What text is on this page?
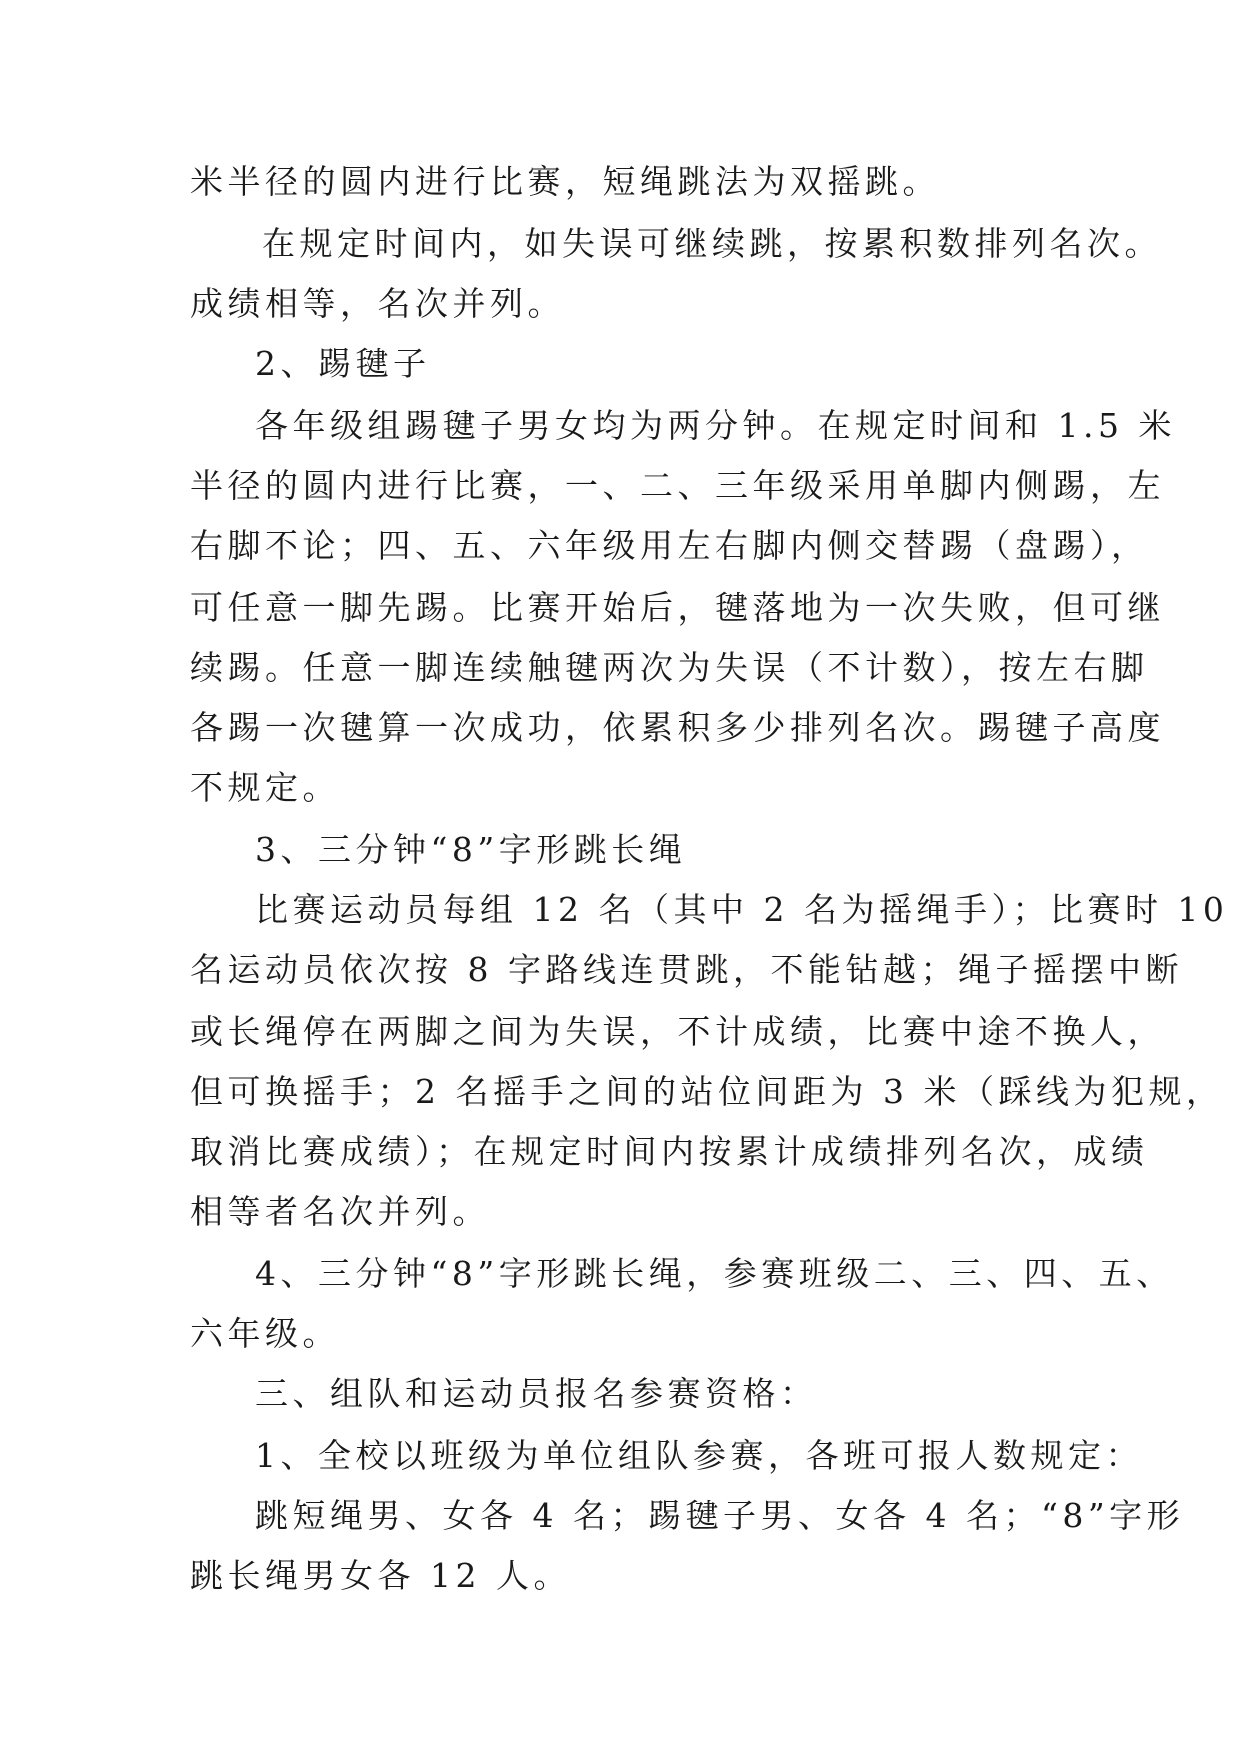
米半径的圆内进行比赛，短绳跳法为双摇跳。
在规定时间内，如失误可继续跳，按累积数排列名次。
成绩相等，名次并列。
2、踢毽子
各年级组踢毽子男女均为两分钟。在规定时间和 1.5 米
半径的圆内进行比赛，一、二、三年级采用单脚内侧踢，左
右脚不论；四、五、六年级用左右脚内侧交替踢（盘踢），
可任意一脚先踢。比赛开始后，毽落地为一次失败，但可继
续踢。任意一脚连续触毽两次为失误（不计数），按左右脚
各踢一次毽算一次成功，依累积多少排列名次。踢毽子高度
不规定。
3、三分钟“8”字形跳长绳
比赛运动员每组 12 名（其中 2 名为摇绳手）；比赛时 10
名运动员依次按 8 字路线连贯跳，不能钻越；绳子摇摆中断
或长绳停在两脚之间为失误，不计成绩，比赛中途不换人，
但可换摇手；2 名摇手之间的站位间距为 3 米（踩线为犯规，
取消比赛成绩）；在规定时间内按累计成绩排列名次，成绩
相等者名次并列。
4、三分钟“8”字形跳长绳，参赛班级二、三、四、五、
六年级。
三、组队和运动员报名参赛资格：
1、全校以班级为单位组队参赛，各班可报人数规定：
跳短绳男、女各 4 名；踢毽子男、女各 4 名；“8”字形
跳长绳男女各 12 人。
